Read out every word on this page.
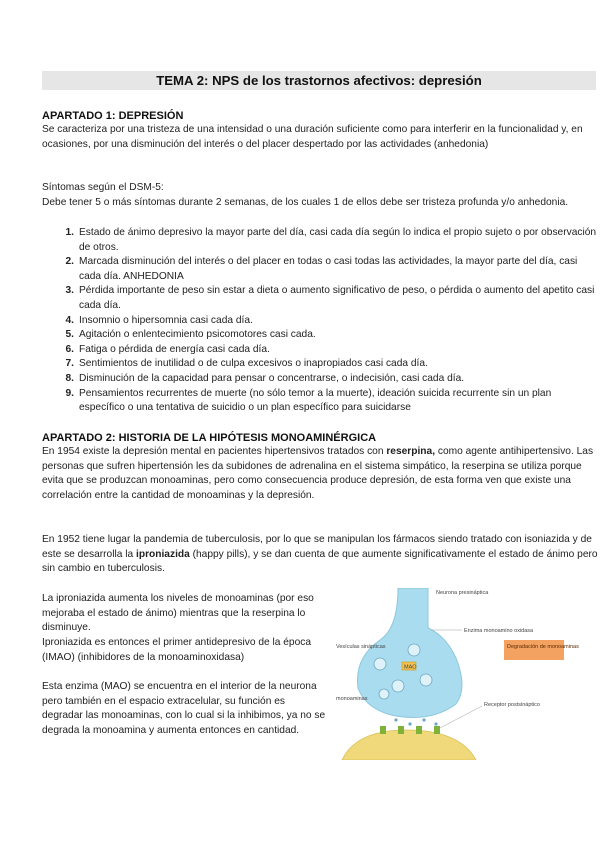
TEMA 2: NPS de los trastornos afectivos: depresión
APARTADO 1: DEPRESIÓN

Se caracteriza por una tristeza de una intensidad o una duración suficiente como para interferir en la funcionalidad y, en ocasiones, por una disminución del interés o del placer despertado por las actividades (anhedonia)

Síntomas según el DSM-5:

Debe tener 5 o más síntomas durante 2 semanas, de los cuales 1 de ellos debe ser tristeza profunda y/o anhedonia.

1. Estado de ánimo depresivo la mayor parte del día, casi cada día según lo indica el propio sujeto o por observación de otros.
2. Marcada disminución del interés o del placer en todas o casi todas las actividades, la mayor parte del día, casi cada día. ANHEDONIA
3. Pérdida importante de peso sin estar a dieta o aumento significativo de peso, o pérdida o aumento del apetito casi cada día.
4. Insomnio o hipersomnia casi cada día.
5. Agitación o enlentecimiento psicomotores casi cada.
6. Fatiga o pérdida de energía casi cada día.
7. Sentimientos de inutilidad o de culpa excesivos o inapropiados casi cada día.
8. Disminución de la capacidad para pensar o concentrarse, o indecisión, casi cada día.
9. Pensamientos recurrentes de muerte (no sólo temor a la muerte), ideación suicida recurrente sin un plan específico o una tentativa de suicidio o un plan específico para suicidarse
APARTADO 2: HISTORIA DE LA HIPÓTESIS MONOAMINÉRGICA

En 1954 existe la depresión mental en pacientes hipertensivos tratados con reserpina, como agente antihipertensivo. Las personas que sufren hipertensión les da subidones de adrenalina en el sistema simpático, la reserpina se utiliza porque evita que se produzcan monoaminas, pero como consecuencia produce depresión, de esta forma ven que existe una correlación entre la cantidad de monoaminas y la depresión.

En 1952 tiene lugar la pandemia de tuberculosis, por lo que se manipulan los fármacos siendo tratado con isoniazida y de este se desarrolla la iproniazida (happy pills), y se dan cuenta de que aumente significativamente el estado de ánimo pero sin cambio en tuberculosis.

La iproniazida aumenta los niveles de monoaminas (por eso mejoraba el estado de ánimo) mientras que la reserpina lo disminuye.

Iproniazida es entonces el primer antidepresivo de la época (IMAO) (inhibidores de la monoaminoxidasa)

Esta enzima (MAO) se encuentra en el interior de la neurona pero también en el espacio extracelular, su función es degradar las monoaminas, con lo cual si la inhibimos, ya no se degrada la monoamina y aumenta entonces en cantidad.

MAO
Degradación de monoaminas
Neurona presináptica
Enzima monoamino oxidasa
Vesículas sinápticas
monoaminas
Receptor postsináptico
